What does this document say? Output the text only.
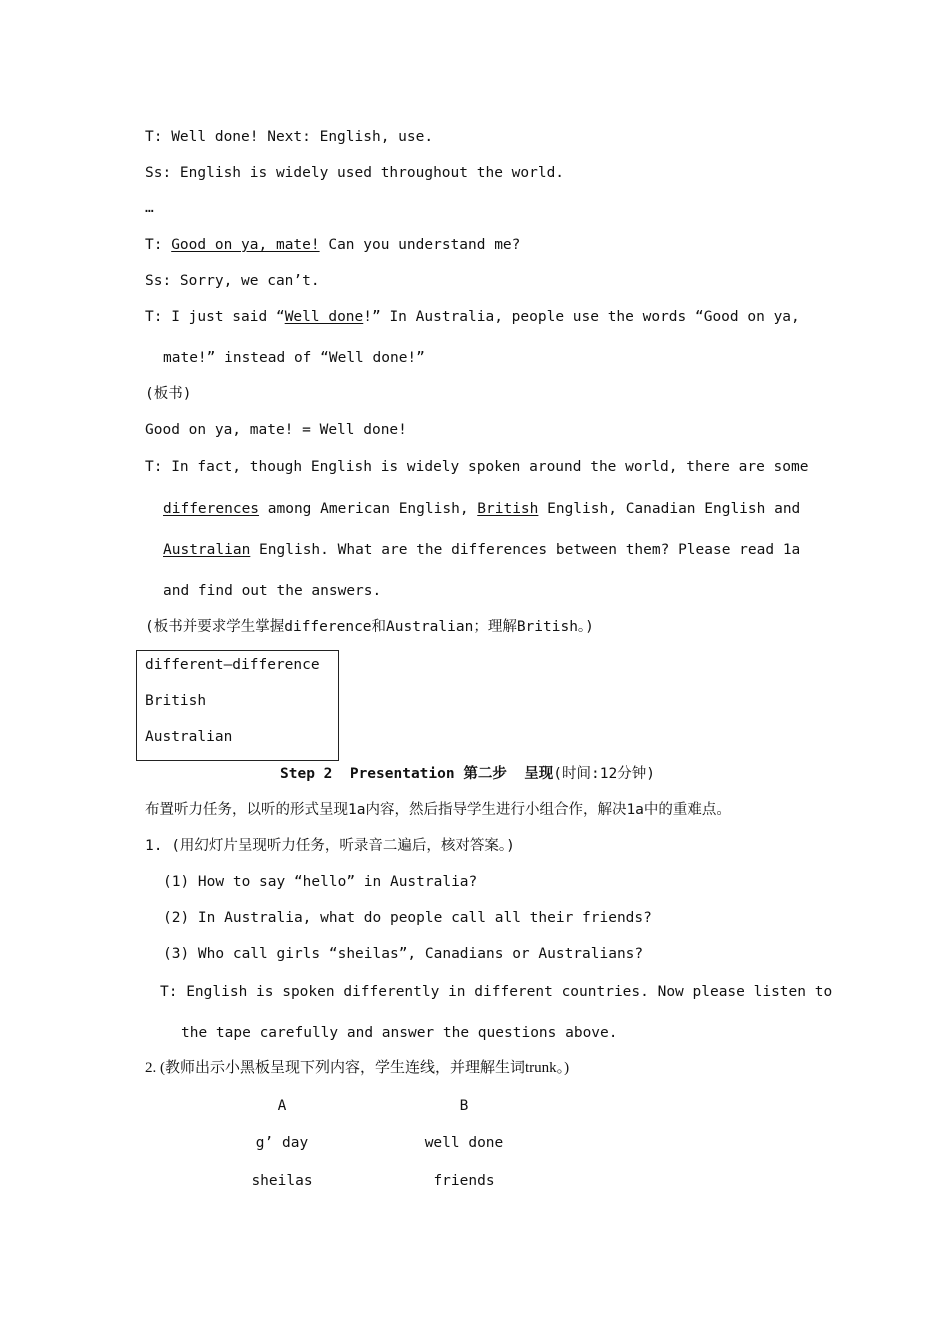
T: Well done! Next: English, use.
Ss: English is widely used throughout the world.
…
T: Good on ya, mate! Can you understand me?
Ss: Sorry, we can’t.
T: I just said “Well done!” In Australia, people use the words “Good on ya,
mate!” instead of “Well done!”
(板书)
Good on ya, mate! = Well done!
T: In fact, though English is widely spoken around the world, there are some
differences among American English, British English, Canadian English and
Australian English. What are the differences between them? Please read 1a
and find out the answers.
(板书并要求学生掌握difference和Australian；理解British。)
different—difference
British
Australian
Step 2  Presentation 第二步  呈现(时间:12分钟)
布置听力任务，以听的形式呈现1a内容，然后指导学生进行小组合作，解决1a中的重难点。
1. (用幻灯片呈现听力任务，听录音二遍后，核对答案。)
(1) How to say “hello” in Australia?
(2) In Australia, what do people call all their friends?
(3) Who call girls “sheilas”, Canadians or Australians?
T: English is spoken differently in different countries. Now please listen to
the tape carefully and answer the questions above.
2. (教师出示小黑板呈现下列内容，学生连线，并理解生词trunk。)
A	B
g’ day	well done
sheilas	friends
